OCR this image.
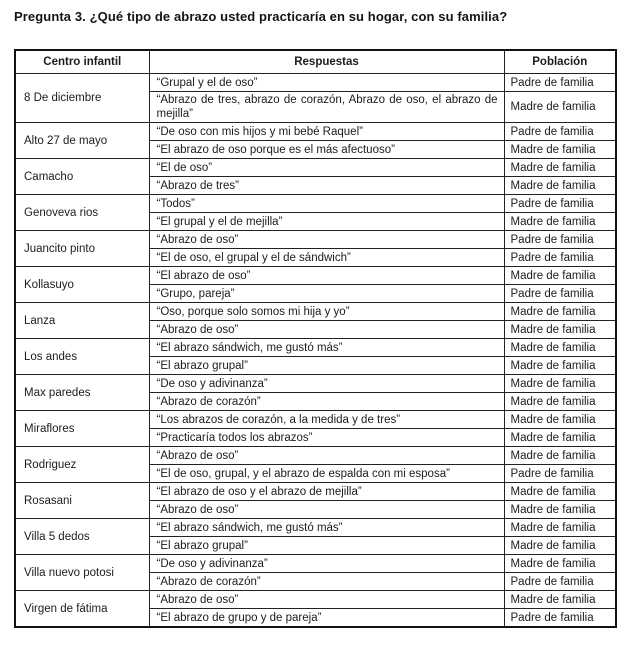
Pregunta 3. ¿Qué tipo de abrazo usted practicaría en su hogar, con su familia?

Centro infantil	Respuestas	Población
8 De diciembre	“Grupal y el de oso”	Padre de familia
	“Abrazo de tres, abrazo de corazón, Abrazo de oso, el abrazo de mejilla”	Madre de familia
Alto 27 de mayo	“De oso con mis hijos y mi bebé Raquel”	Padre de familia
	“El abrazo de oso porque es el más afectuoso”	Madre de familia
Camacho	“El de oso”	Madre de familia
	“Abrazo de tres”	Madre de familia
Genoveva rios	“Todos”	Padre de familia
	“El grupal y el de mejilla”	Madre de familia
Juancito pinto	“Abrazo de oso”	Padre de familia
	“El de oso, el grupal y el de sándwich”	Padre de familia
Kollasuyo	“El abrazo de oso”	Madre de familia
	“Grupo, pareja”	Padre de familia
Lanza	“Oso, porque solo somos mi hija y yo”	Madre de familia
	“Abrazo de oso”	Madre de familia
Los andes	“El abrazo sándwich, me gustó más”	Madre de familia
	“El abrazo grupal”	Madre de familia
Max paredes	“De oso y adivinanza”	Madre de familia
	“Abrazo de corazón”	Madre de familia
Miraflores	“Los abrazos de corazón, a la medida y de tres”	Madre de familia
	“Practicaría todos los abrazos”	Madre de familia
Rodriguez	“Abrazo de oso”	Madre de familia
	“El de oso, grupal, y el abrazo de espalda con mi esposa”	Padre de familia
Rosasani	“El abrazo de oso y el abrazo de mejilla”	Madre de familia
	“Abrazo de oso”	Madre de familia
Villa 5 dedos	“El abrazo sándwich, me gustó más”	Madre de familia
	“El abrazo grupal”	Madre de familia
Villa nuevo potosi	“De oso y adivinanza”	Madre de familia
	“Abrazo de corazón”	Padre de familia
Virgen de fátima	“Abrazo de oso”	Madre de familia
	“El abrazo de grupo y de pareja”	Padre de familia
